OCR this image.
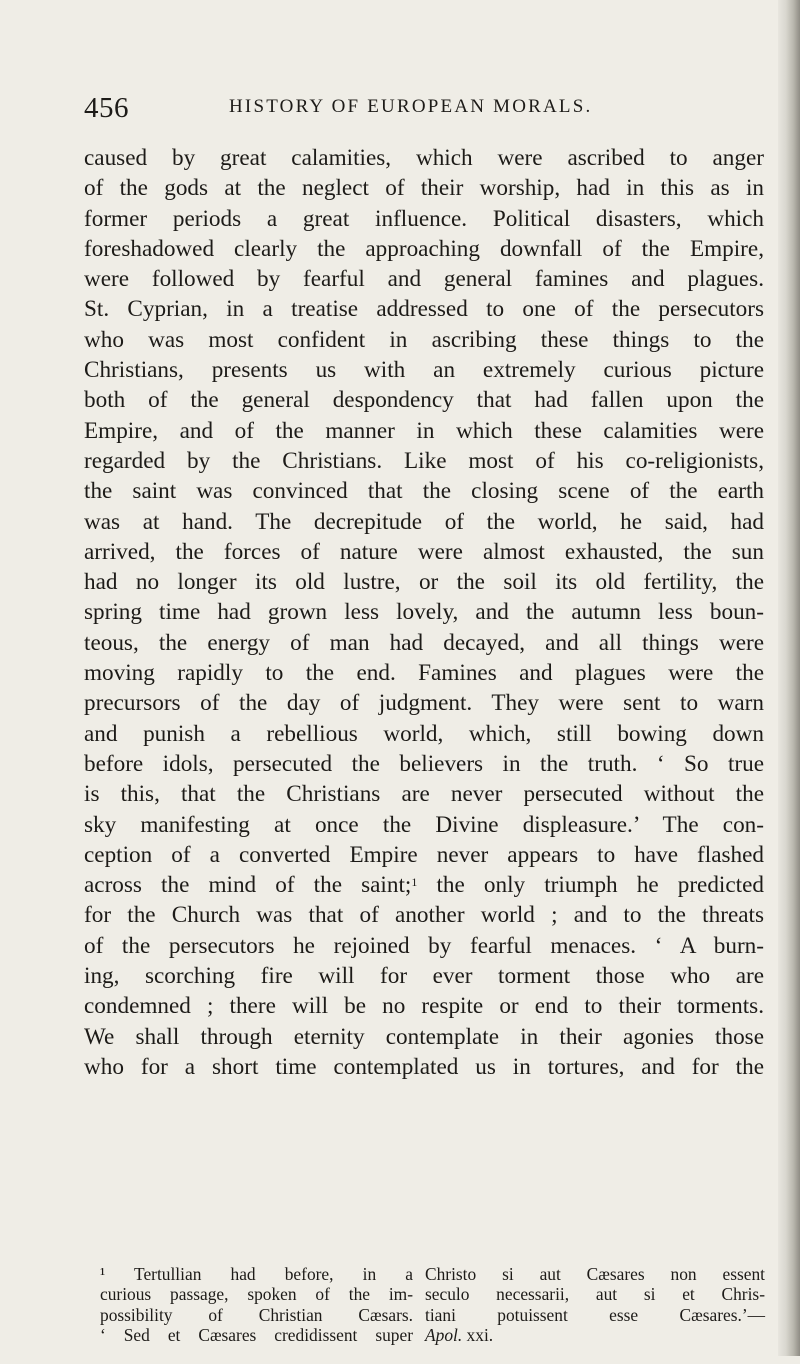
456	HISTORY OF EUROPEAN MORALS.
caused by great calamities, which were ascribed to anger
of the gods at the neglect of their worship, had in this as in
former periods a great influence. Political disasters, which
foreshadowed clearly the approaching downfall of the Empire,
were followed by fearful and general famines and plagues.
St. Cyprian, in a treatise addressed to one of the persecutors
who was most confident in ascribing these things to the
Christians, presents us with an extremely curious picture
both of the general despondency that had fallen upon the
Empire, and of the manner in which these calamities were
regarded by the Christians. Like most of his co-religionists,
the saint was convinced that the closing scene of the earth
was at hand. The decrepitude of the world, he said, had
arrived, the forces of nature were almost exhausted, the sun
had no longer its old lustre, or the soil its old fertility, the
spring time had grown less lovely, and the autumn less boun-
teous, the energy of man had decayed, and all things were
moving rapidly to the end. Famines and plagues were the
precursors of the day of judgment. They were sent to warn
and punish a rebellious world, which, still bowing down
before idols, persecuted the believers in the truth. ‘ So true
is this, that the Christians are never persecuted without the
sky manifesting at once the Divine displeasure.’ The con-
ception of a converted Empire never appears to have flashed
across the mind of the saint;$^1$ the only triumph he predicted
for the Church was that of another world ; and to the threats
of the persecutors he rejoined by fearful menaces. ‘ A burn-
ing, scorching fire will for ever torment those who are
condemned ; there will be no respite or end to their torments.
We shall through eternity contemplate in their agonies those
who for a short time contemplated us in tortures, and for the
¹ Tertullian had before, in a
curious passage, spoken of the im-
possibility of Christian Cæsars.
‘ Sed et Cæsares credidissent super
Christo si aut Cæsares non essent
seculo necessarii, aut si et Chris-
tiani potuissent esse Cæsares.’—
Apol. xxi.
